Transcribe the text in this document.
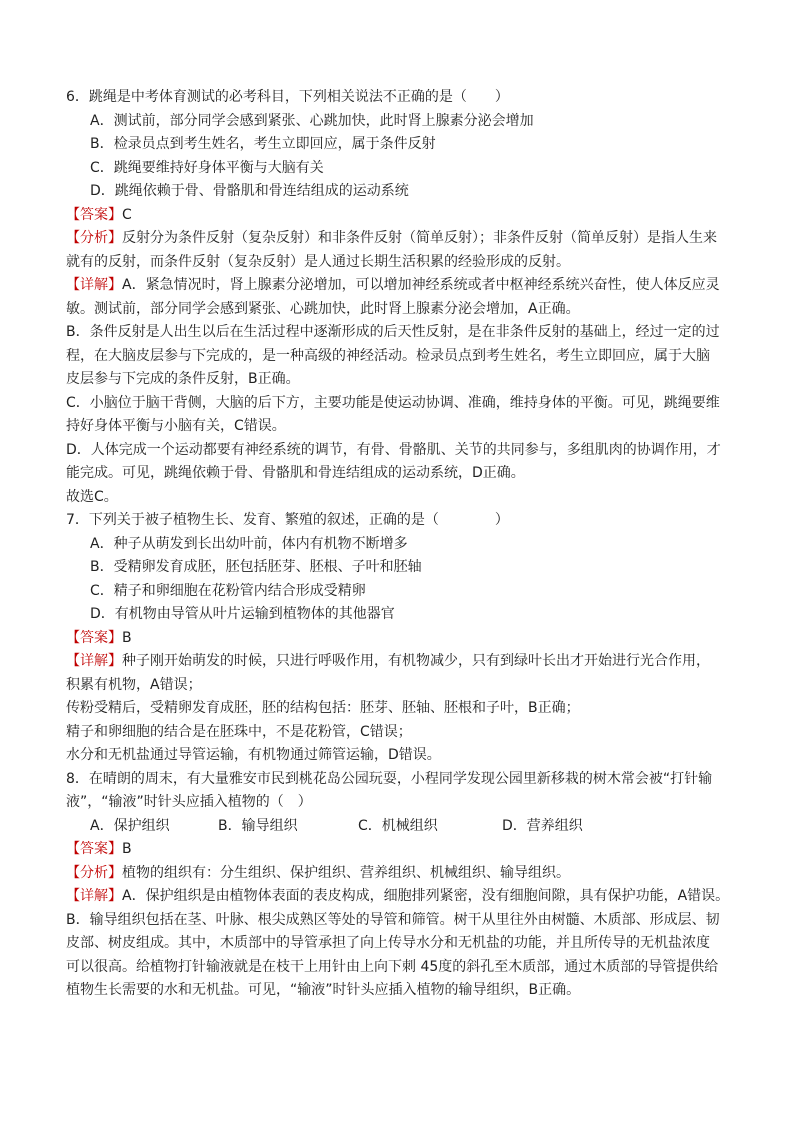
6．跳绳是中考体育测试的必考科目，下列相关说法不正确的是（　　）
A．测试前，部分同学会感到紧张、心跳加快，此时肾上腺素分泌会增加
B．检录员点到考生姓名，考生立即回应，属于条件反射
C．跳绳要维持好身体平衡与大脑有关
D．跳绳依赖于骨、骨骼肌和骨连结组成的运动系统
【答案】C
【分析】反射分为条件反射（复杂反射）和非条件反射（简单反射）；非条件反射（简单反射）是指人生来
就有的反射，而条件反射（复杂反射）是人通过长期生活积累的经验形成的反射。
【详解】A．紧急情况时，肾上腺素分泌增加，可以增加神经系统或者中枢神经系统兴奋性，使人体反应灵
敏。测试前，部分同学会感到紧张、心跳加快，此时肾上腺素分泌会增加，A正确。
B．条件反射是人出生以后在生活过程中逐渐形成的后天性反射，是在非条件反射的基础上，经过一定的过
程，在大脑皮层参与下完成的，是一种高级的神经活动。检录员点到考生姓名，考生立即回应，属于大脑
皮层参与下完成的条件反射，B正确。
C．小脑位于脑干背侧，大脑的后下方，主要功能是使运动协调、准确，维持身体的平衡。可见，跳绳要维
持好身体平衡与小脑有关，C错误。
D．人体完成一个运动都要有神经系统的调节，有骨、骨骼肌、关节的共同参与，多组肌肉的协调作用，才
能完成。可见，跳绳依赖于骨、骨骼肌和骨连结组成的运动系统，D正确。
故选C。
7．下列关于被子植物生长、发育、繁殖的叙述，正确的是（　　　　）
A．种子从萌发到长出幼叶前，体内有机物不断增多
B．受精卵发育成胚，胚包括胚芽、胚根、子叶和胚轴
C．精子和卵细胞在花粉管内结合形成受精卵
D．有机物由导管从叶片运输到植物体的其他器官
【答案】B
【详解】种子刚开始萌发的时候，只进行呼吸作用，有机物减少，只有到绿叶长出才开始进行光合作用，
积累有机物，A错误；
传粉受精后，受精卵发育成胚，胚的结构包括：胚芽、胚轴、胚根和子叶，B正确；
精子和卵细胞的结合是在胚珠中，不是花粉管，C错误；
水分和无机盐通过导管运输，有机物通过筛管运输，D错误。
8．在晴朗的周末，有大量雅安市民到桃花岛公园玩耍，小程同学发现公园里新移栽的树木常会被“打针输
液”，“输液”时针头应插入植物的（　）
A．保护组织	B．输导组织	C．机械组织	D．营养组织
【答案】B
【分析】植物的组织有：分生组织、保护组织、营养组织、机械组织、输导组织。
【详解】A．保护组织是由植物体表面的表皮构成，细胞排列紧密，没有细胞间隙，具有保护功能，A错误。
B．输导组织包括在茎、叶脉、根尖成熟区等处的导管和筛管。树干从里往外由树髓、木质部、形成层、韧
皮部、树皮组成。其中，木质部中的导管承担了向上传导水分和无机盐的功能，并且所传导的无机盐浓度
可以很高。给植物打针输液就是在枝干上用针由上向下刺 45度的斜孔至木质部，通过木质部的导管提供给
植物生长需要的水和无机盐。可见，“输液”时针头应插入植物的输导组织，B正确。
